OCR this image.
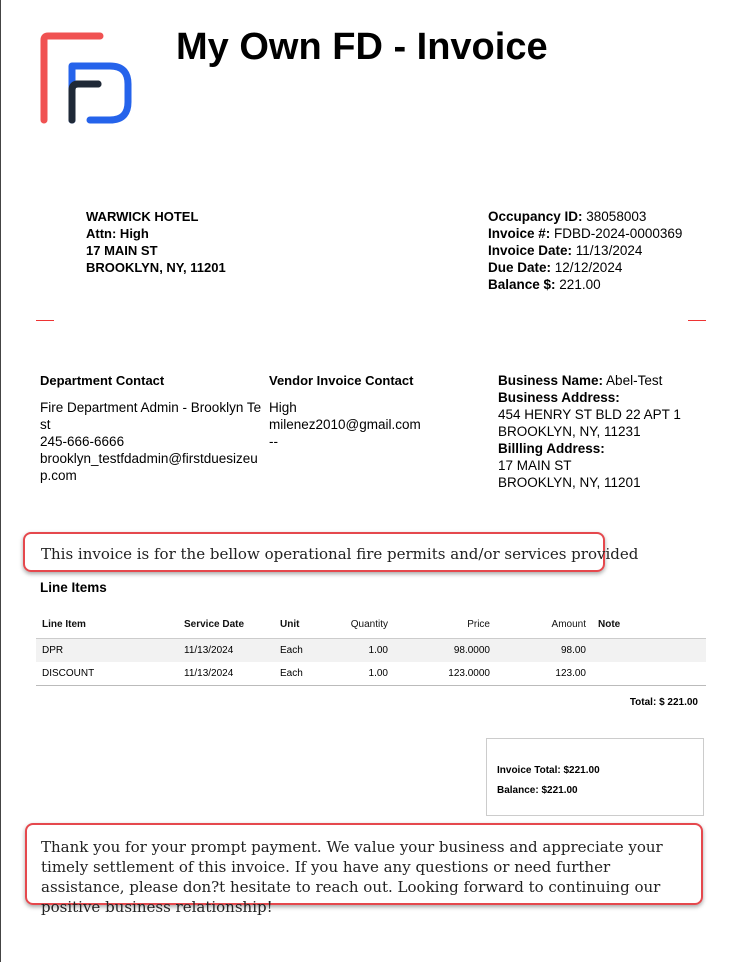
My Own FD - Invoice
WARWICK HOTEL
Attn: High
17 MAIN ST
BROOKLYN, NY, 11201
Occupancy ID: 38058003
Invoice #: FDBD-2024-0000369
Invoice Date: 11/13/2024
Due Date: 12/12/2024
Balance $: 221.00
Department Contact
Fire Department Admin - Brooklyn Test
245-666-6666
brooklyn_testfdadmin@firstduesizeup.com
Vendor Invoice Contact
High
milenez2010@gmail.com
--
Business Name: Abel-Test
Business Address:
454 HENRY ST BLD 22 APT 1
BROOKLYN, NY, 11231
Billling Address:
17 MAIN ST
BROOKLYN, NY, 11201
This invoice is for the bellow operational fire permits and/or services provided
Line Items
Line Item	Service Date	Unit	Quantity	Price	Amount	Note
DPR	11/13/2024	Each	1.00	98.0000	98.00	
DISCOUNT	11/13/2024	Each	1.00	123.0000	123.00	
Total: $ 221.00
Invoice Total: $221.00
Balance: $221.00
Thank you for your prompt payment. We value your business and appreciate your timely settlement of this invoice. If you have any questions or need further assistance, please don?t hesitate to reach out. Looking forward to continuing our positive business relationship!
